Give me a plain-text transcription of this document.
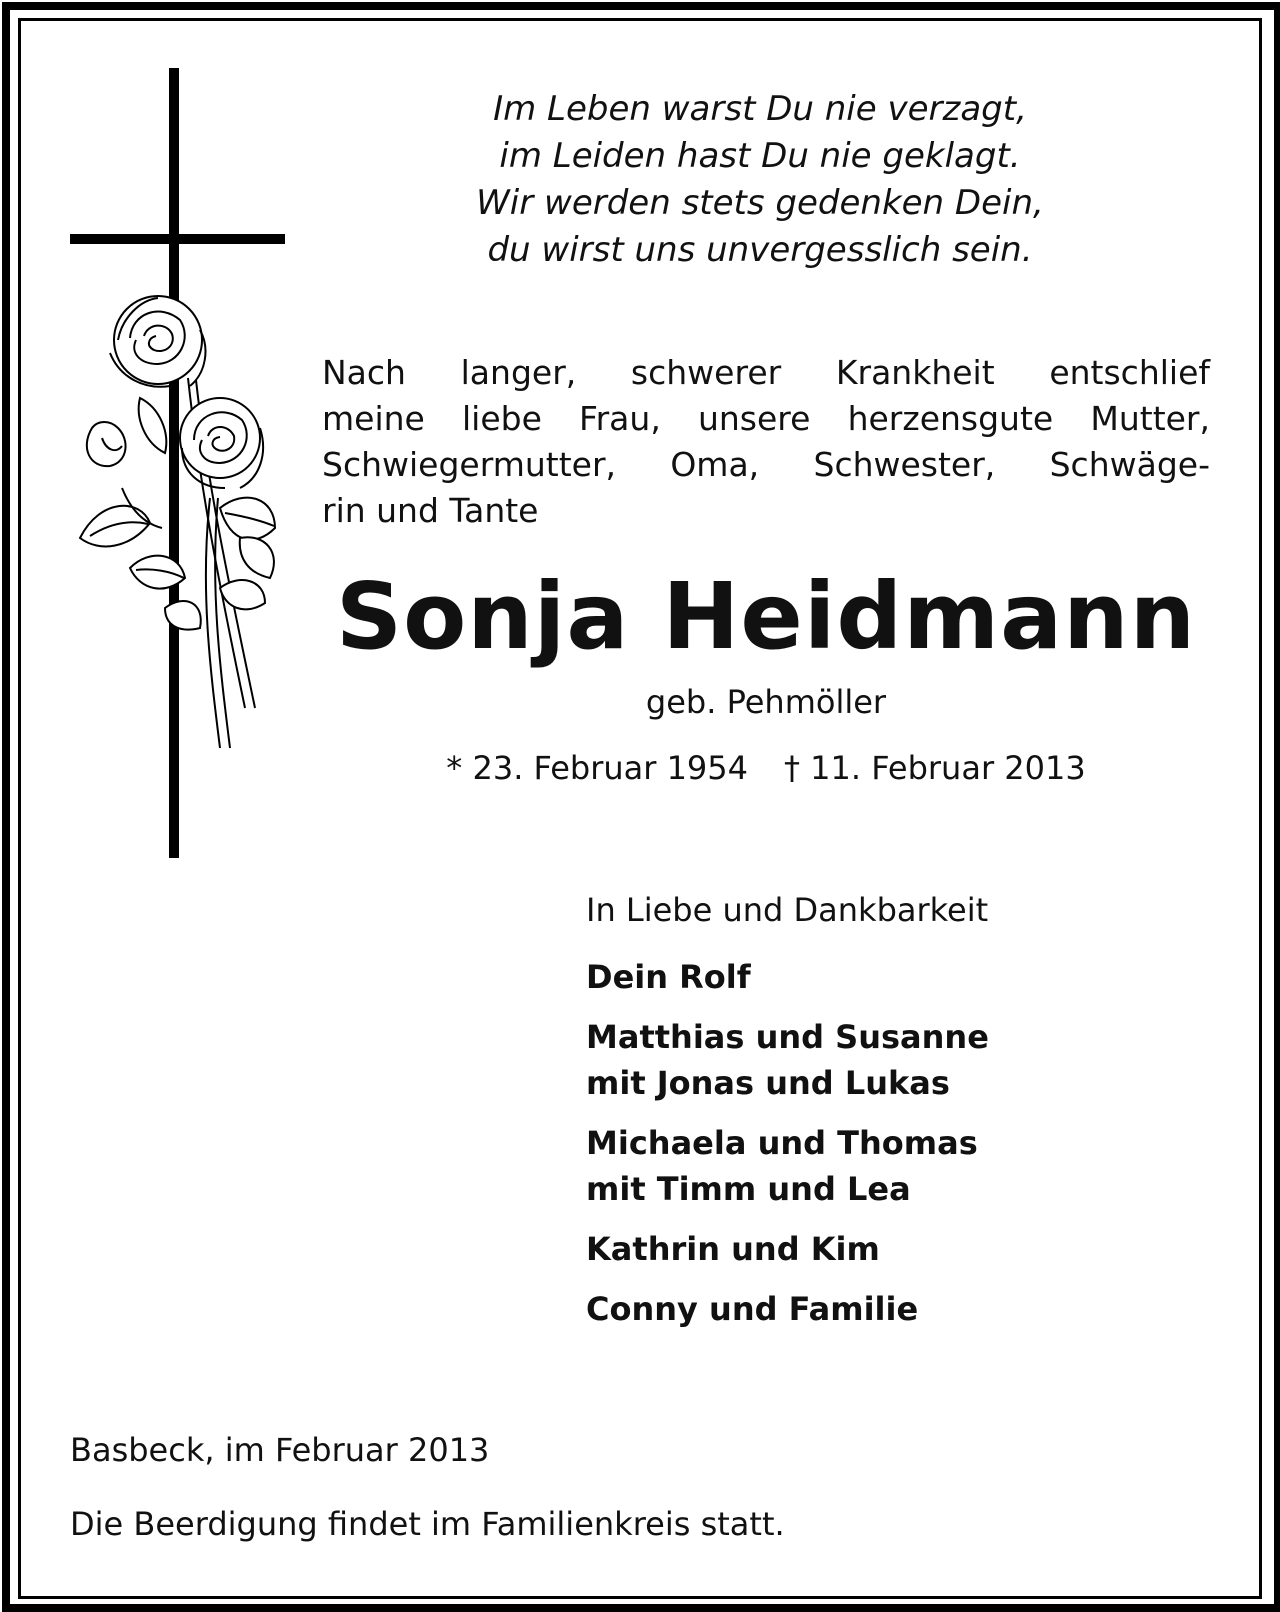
Im Leben warst Du nie verzagt,
im Leiden hast Du nie geklagt.
Wir werden stets gedenken Dein,
du wirst uns unvergesslich sein.
Nach langer, schwerer Krankheit entschlief
meine liebe Frau, unsere herzensgute Mutter,
Schwiegermutter, Oma, Schwester, Schwäge-
rin und Tante
Sonja Heidmann
geb. Pehmöller
* 23. Februar 1954 † 11. Februar 2013
In Liebe und Dankbarkeit
Dein Rolf
Matthias und Susanne
mit Jonas und Lukas
Michaela und Thomas
mit Timm und Lea
Kathrin und Kim
Conny und Familie
Basbeck, im Februar 2013
Die Beerdigung findet im Familienkreis statt.
